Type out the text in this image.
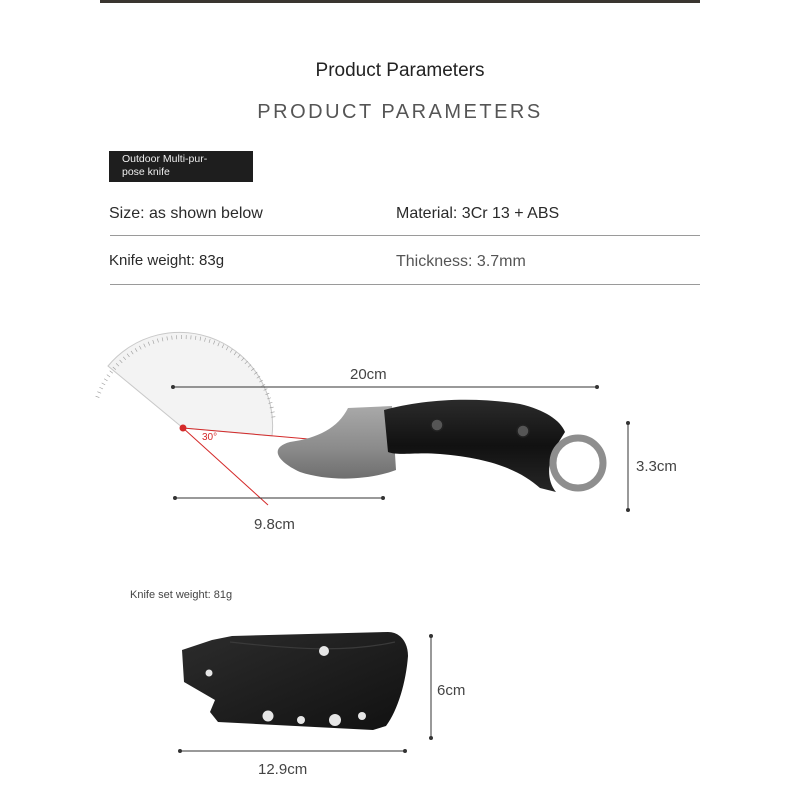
Product Parameters
PRODUCT PARAMETERS
Outdoor Multi-pur-
pose knife
Size: as shown below	Material: 3Cr 13 + ABS
Knife weight: 83g	Thickness: 3.7mm
20cm
9.8cm
3.3cm
30°
Knife set weight: 81g
6cm
12.9cm
